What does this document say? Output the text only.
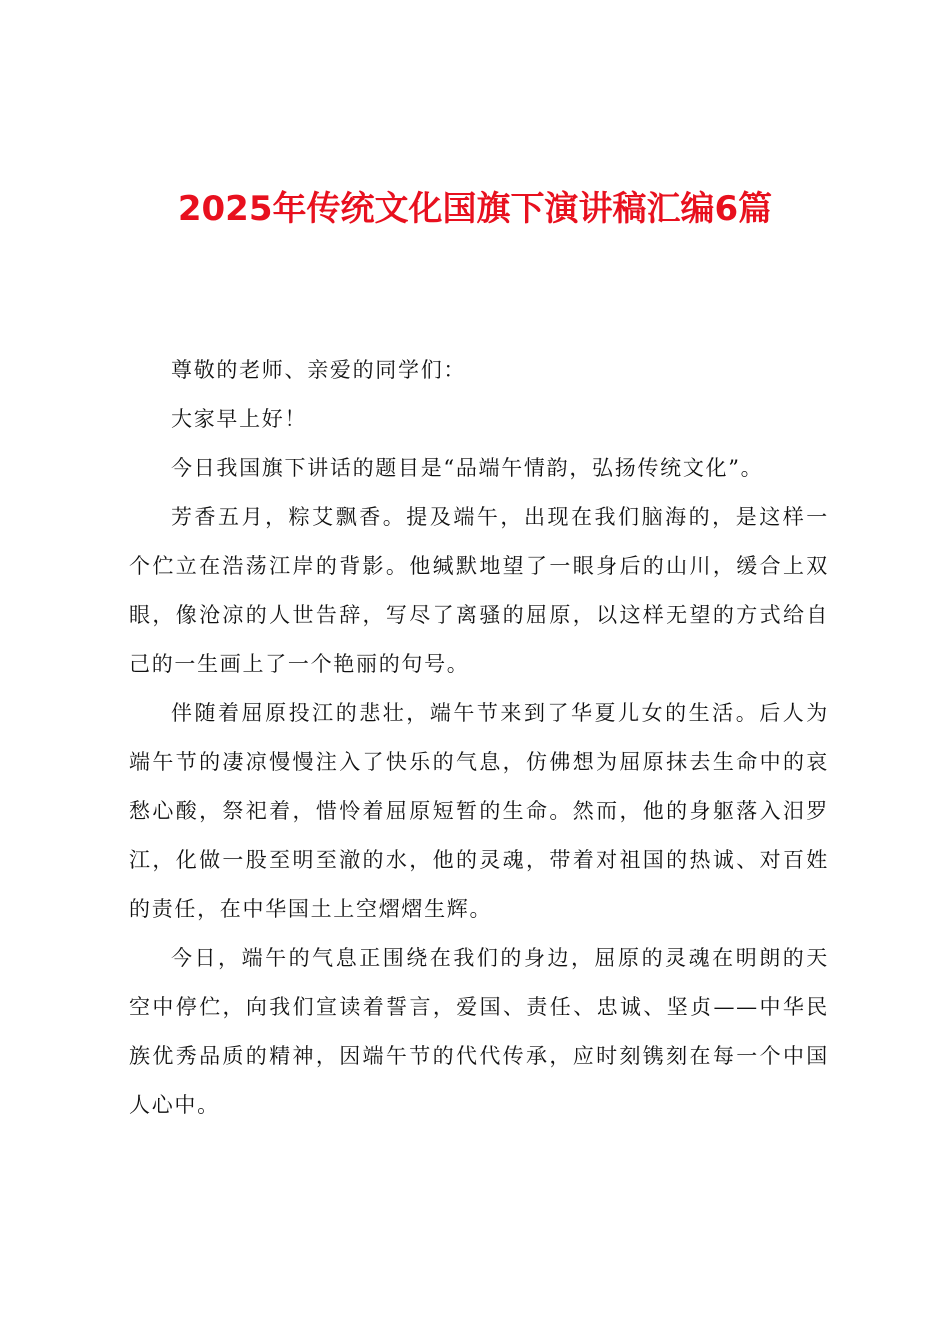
2025年传统文化国旗下演讲稿汇编6篇

尊敬的老师、亲爱的同学们：

大家早上好！

今日我国旗下讲话的题目是“品端午情韵，弘扬传统文化”。

芳香五月，粽艾飘香。提及端午，出现在我们脑海的，是这样一个伫立在浩荡江岸的背影。他缄默地望了一眼身后的山川，缓合上双眼，像沧凉的人世告辞，写尽了离骚的屈原，以这样无望的方式给自己的一生画上了一个艳丽的句号。

伴随着屈原投江的悲壮，端午节来到了华夏儿女的生活。后人为端午节的凄凉慢慢注入了快乐的气息，仿佛想为屈原抹去生命中的哀愁心酸，祭祀着，惜怜着屈原短暂的生命。然而，他的身躯落入汨罗江，化做一股至明至澈的水，他的灵魂，带着对祖国的热诚、对百姓的责任，在中华国土上空熠熠生辉。

今日，端午的气息正围绕在我们的身边，屈原的灵魂在明朗的天空中停伫，向我们宣读着誓言，爱国、责任、忠诚、坚贞——中华民族优秀品质的精神，因端午节的代代传承，应时刻镌刻在每一个中国人心中。
